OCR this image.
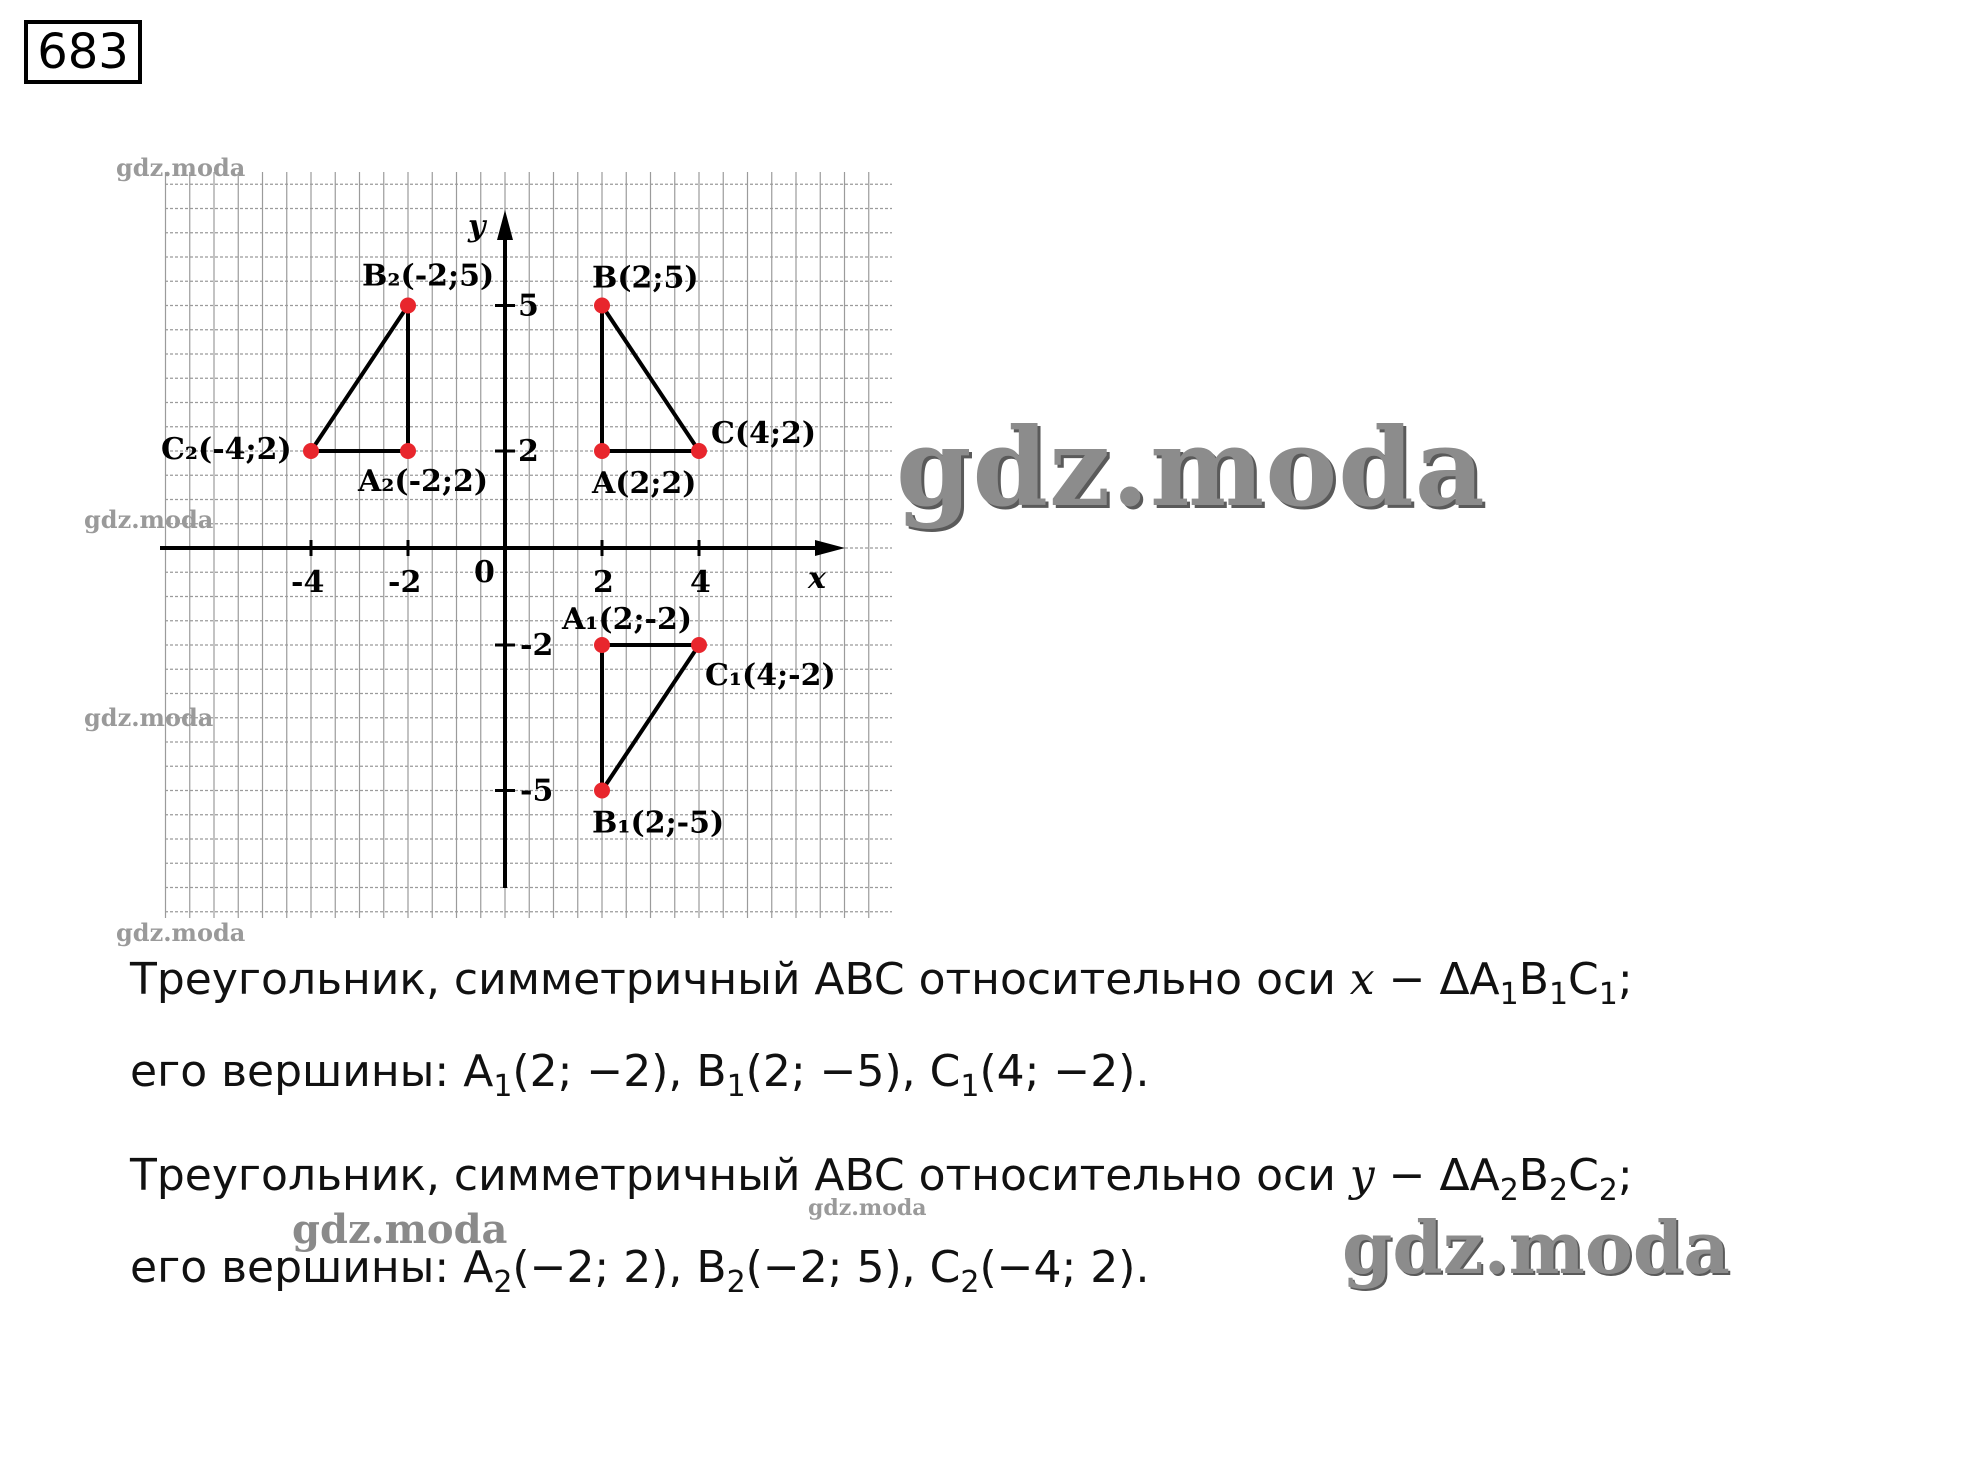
683
x
y
0
-4 -2	2	4
5
2
-2
-5
B(2;5)
A(2;2)
C(4;2)
B₂(-2;5)
A₂(-2;2)
C₂(-4;2)
A₁(2;-2)
C₁(4;-2)
B₁(2;-5)
gdz.moda
gdz.moda
gdz.moda
gdz.moda
gdz.moda
gdz.moda
gdz.moda	gdz.moda
Треугольник, симметричный ABC относительно оси $x - \Delta A_1B_1C_1$;
его вершины: $A_1(2$; −2), $B_1(2$; −5), $C_1(4$; −2).
Треугольник, симметричный ABC относительно оси $y - \Delta A_2B_2C_2$;
его вершины: $A_2(-2$; 2), $B_2(-2$; 5), $C_2(-4$; 2).
